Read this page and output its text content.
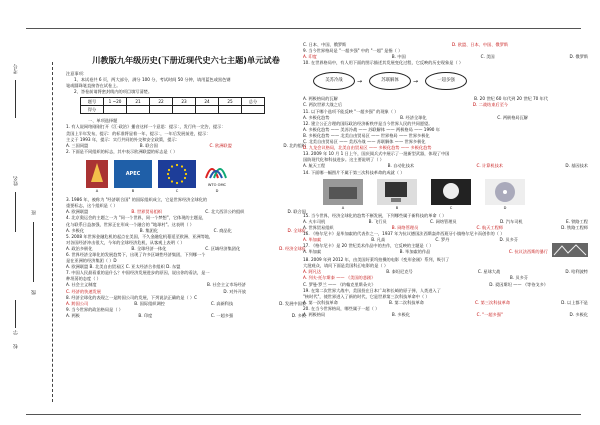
考号
姓名
班
级
学
校
川教版九年级历史(下册近现代史六七主题)单元试卷
注意事项：
1、本试卷共 6 页，两大部分，满分 100 分，考试时间 50 分钟，请用蓝色或黑色钢
笔或圆珠笔直接答在试卷上。
2、答卷前请将密封线内的项目填写清楚。
题号	1 ~20	21	22	23	24	25	总分
得分							
一、单项选择题
1. 有人说网络刚刚打开《江·政治》播音这样一个意思：提示：，发行传一完告，提示：
美国上半年发布，提示：的标准将显着一年，提示：，一年后发展前进，提示：
主义于 1993 年，提示：实行共同的外交和安全政策，提示：
A. 三国同盟	B. 联合国	C. 欧洲联盟	D. 北约组织
2. 下面是不同组织的标志，其中表示欧洲联盟的标志是（ ）
A
APEC
B	C
WTO OMC
D
3. 1986 年，被称为 "经济联合国" 的国际组织成立，它是世界经济全球化的
重要标志，这个组织是（ ）
A. 欧洲联盟	B. 世界贸易组织	C. 北大西洋公约组织	D. 联合国
4. 北京奥运会的主题之一为 "同一个世界，同一个梦想"，它体现的主题是，
化与联系日益加强，世界正在形成一个融合的 "地球村"。这表明（ ）
A. 多极化	B. 集团化	C. 商品化	D. 全球化
5. 2008 年世界金融危机的起点在美国，不久金融危机蔓延至欧洲、亚洲等地，
对各国经济冲击很大，今年的全球经济危机，从客观上表明（ ）
A. 政治多极化	B. 全球经济一体化	C. 区域经济集团化	D. 经济全球化
6. 世界经济全球化的发展趋势下，出现了许多区域性经济集团，下列哪一个
是在亚洲的经济集团（ ）D
A. 欧洲联盟 B. 北美自由贸易区 C. 亚太经济合作组织 D. 东盟
7. 中国人民最看重的是什么？中国经济发展进步的原因，说出你的看法，是一
种坦荡的态度（ ）
A. 社会主义制度	B. 社会主义市场经济
C. 经济的快速发展	D. 对外开放
8. 经济全球化的表现之一是跨国公司的发展，下列说法正确的是（ ）C
A. 跨国公司	B. 国际组织调控	C. 高新科技	D. 发展中国家
9. 当今世界的政治格局是（ ）
A. 两极	B. 印度	C. 一超多强	D. 多极
C. 日本、中国、俄罗斯	D. 欧盟、日本、中国、俄罗斯
9. 当今世界格局是 "一超多强" 中的 "一超" 是指（ ）
A. 印度	B. 中国	C. 美国	D. 俄罗斯
10. 在世界格局中，有人用下面的图示描述其发展变化过程，它反映的历史现象是（ ）
美苏冷战	→	苏联解体	→	一超多强
A. 两极格局的瓦解	B. 20 世纪 60 年代到 20 世纪 70 年代
C. 两次世界大战之后	D. 二战结束后至今
11. 以下哪个选项不能反映 "一超多强" 的现象（ ）
A. 多极化趋势	B. 经济全球化	C. 两极格局瓦解
12. 建立公正合理的国际政治经济新秩序是当今世界人民的共同愿望。
A. 多极化趋势 —— 美苏冷战 —— 苏联解体 —— 两极格局 —— 1990 年
B. 多极化趋势 —— 北美自由贸易区 —— 世界格局 —— 世界多极化
C. 北美自由贸易区 —— 美苏冷战 —— 苏联解体 —— 世界多极化
D. 九龙会议格局，北美自由贸易区 —— 多极化趋势 —— 多极化趋势
13. 2009 年 10 月 1 日上午，国庆阅兵式中展示了一批新型武器，体现了中国
国防现代化和科技进步。这主要说明了（ ）
A. 航天工程	B. 自动化技术	C. 计算机技术	D. 基因技术
14. 下面哪一幅图片不属于第三次科技革命的成就（ ）
A	B	C	D
15. 当今世界，经济全球化的趋势不断发展，下列哪些属于新科技的革命（ ）
A. 火车司机	B. 飞行员	C. 网络管理员	D. 汽车司机	E. 铁路工程
A. 世界贸易组织	B. 网络管理员	C. 航天工程师	D. 铁路工程师
16. 《格尔尼卡》是毕加索的代表作之一，1937 年为抗议德国法西斯轰炸西班牙小镇格尔尼卡而创作的（ ）
A. 毕加索	B. 凡高	C. 罗丹	D. 贝多芬
17. 《格尔尼卡》是 20 世纪美术作品中的杰作，它反映的主题是（ ）
A. 毕加索	B. 毕加索的作品	C. 抗议法西斯的暴行
18. 2009 年到 2012 年，由美国好莱坞拍摄的电影《变形金刚》系列，吸引了
大批观众，请问下面是美国科幻电影的是（ ）
A. 阿凡达	B. 泰坦尼克号	C. 星球大战	D. 哈利波特
A. 列夫·托尔斯泰 —— 《美国的悲剧》	B. 贝多芬
C. 罗曼·罗兰 —— 《约翰克里斯朵夫》	D. 爱因斯坦 —— 《等待戈多》
19. 在第二次世界大战中，美国投在日本广岛和长崎的原子弹，人类进入了
"核时代"，使世界进入了新的时代，它是世界第三次科技革命中（ ）
A. 第一次科技革命	B. 第二次科技革命	C. 第三次科技革命	D. 以上都不是
20. 在当今世界格局，哪些属于一超（ ）
A. 两极格局	B. 多极化	C. "一超多强"	D. 多极化
